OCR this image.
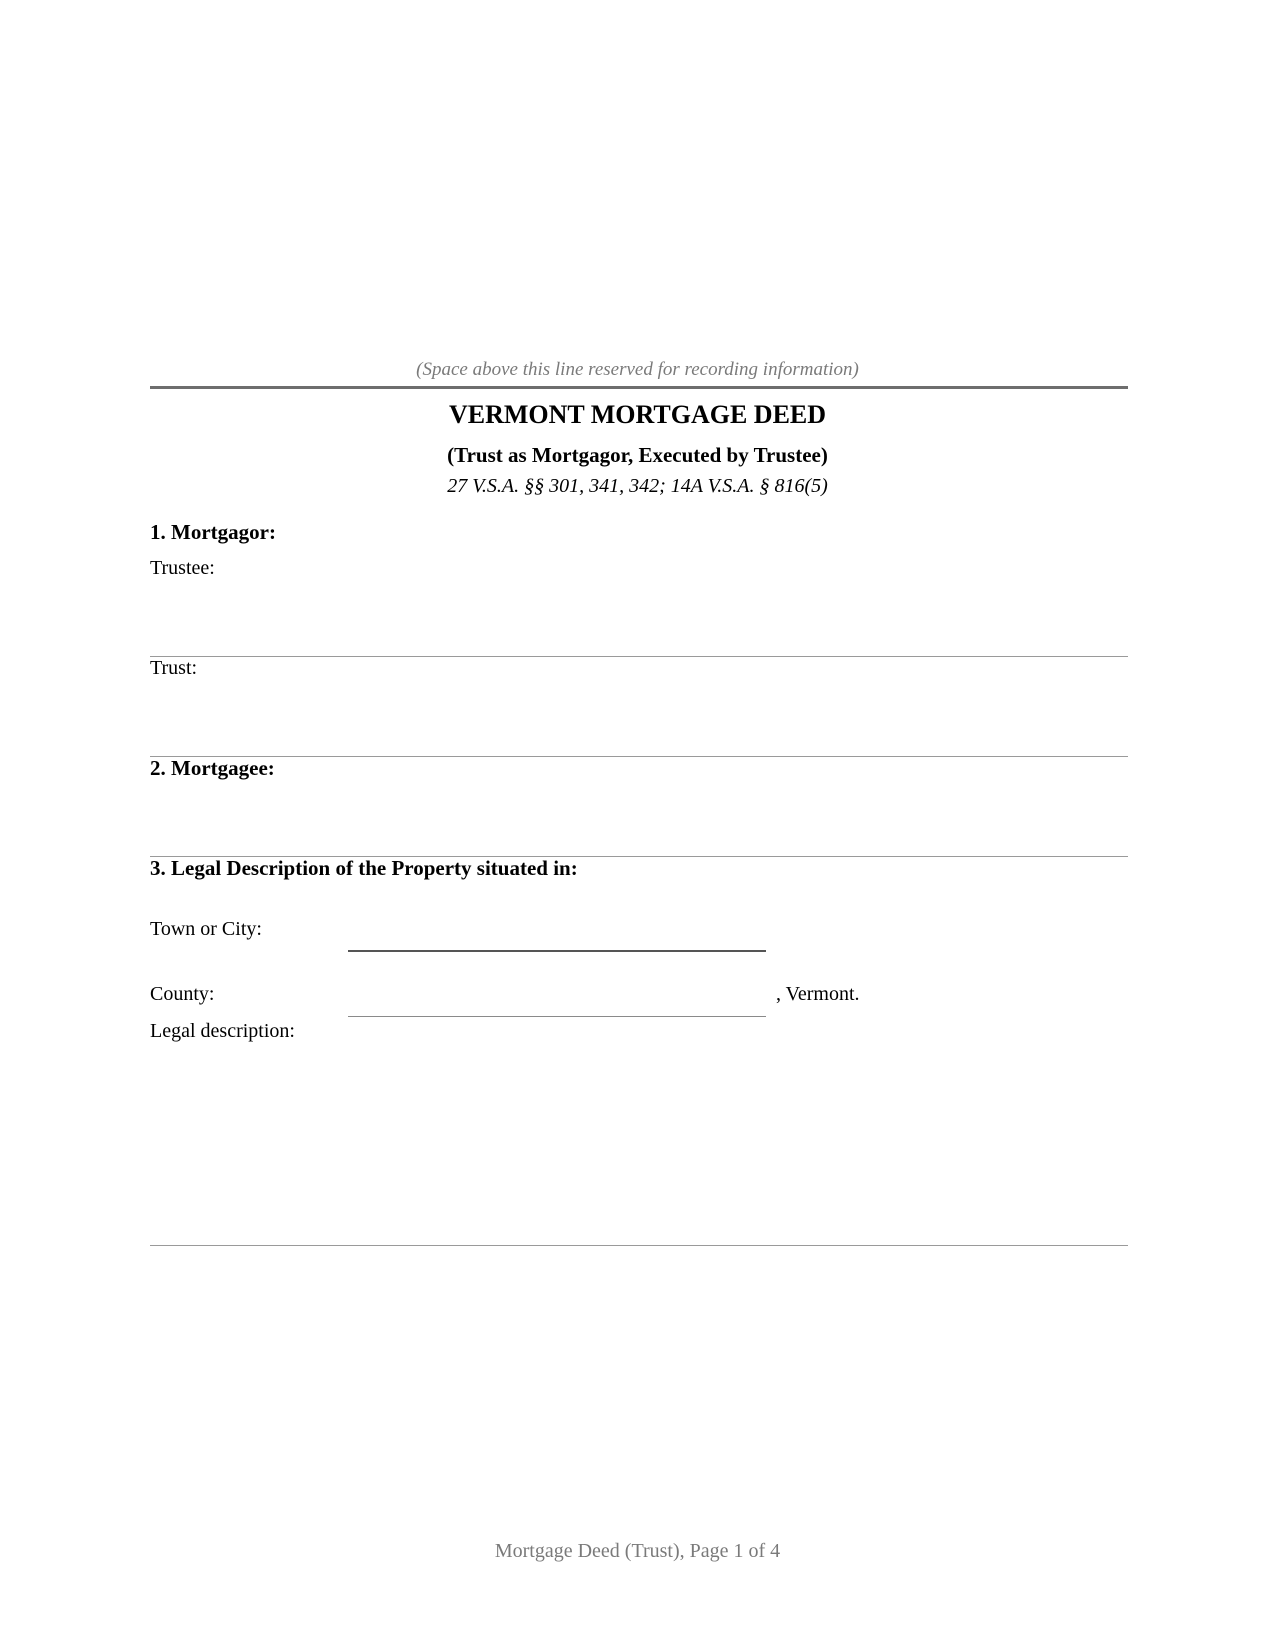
(Space above this line reserved for recording information)
VERMONT MORTGAGE DEED
(Trust as Mortgagor, Executed by Trustee)
27 V.S.A. §§ 301, 341, 342; 14A V.S.A. § 816(5)
1. Mortgagor:
Trustee:
Trust:
2. Mortgagee:
3. Legal Description of the Property situated in:
Town or City:
County:	, Vermont.
Legal description:
Mortgage Deed (Trust), Page 1 of 4
